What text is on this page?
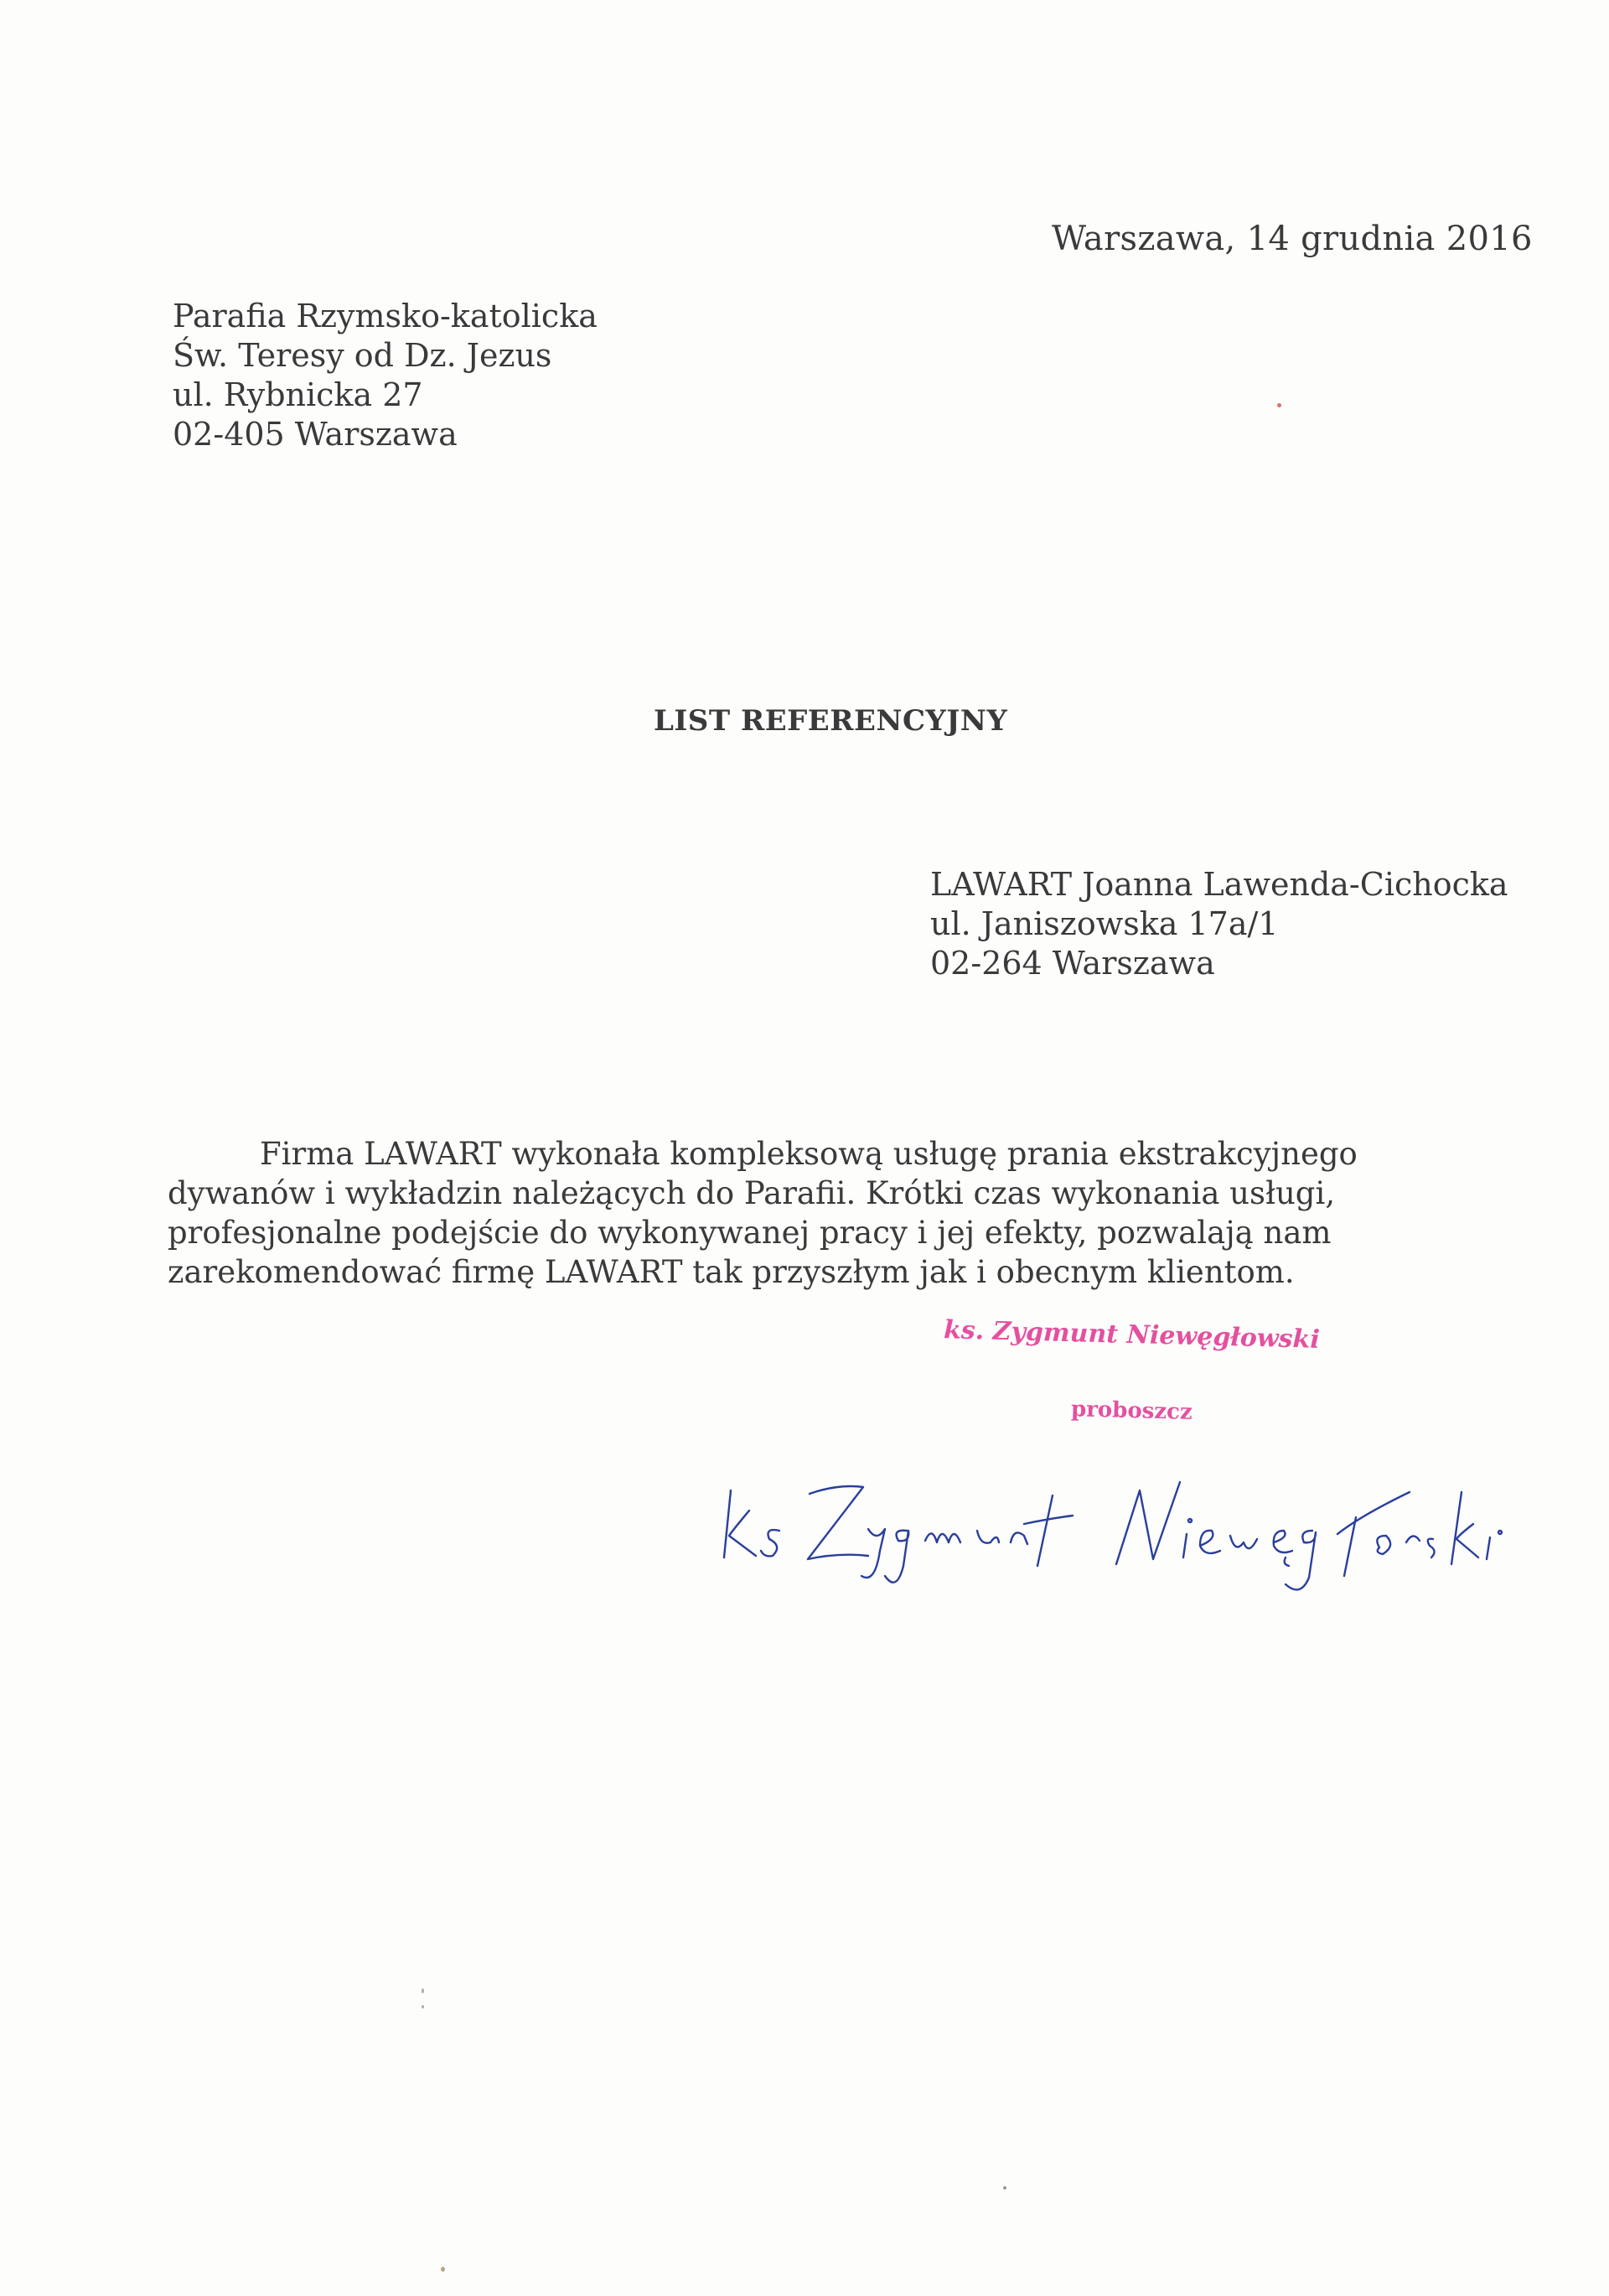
Warszawa, 14 grudnia 2016
Parafia Rzymsko-katolicka
Św. Teresy od Dz. Jezus
ul. Rybnicka 27
02-405 Warszawa
LIST REFERENCYJNY
LAWART Joanna Lawenda-Cichocka
ul. Janiszowska 17a/1
02-264 Warszawa

Firma LAWART wykonała kompleksową usługę prania ekstrakcyjnego dywanów i wykładzin należących do Parafii. Krótki czas wykonania usługi, profesjonalne podejście do wykonywanej pracy i jej efekty, pozwalają nam zarekomendować firmę LAWART tak przyszłym jak i obecnym klientom.

ks. Zygmunt Niewęgłowski
proboszcz
